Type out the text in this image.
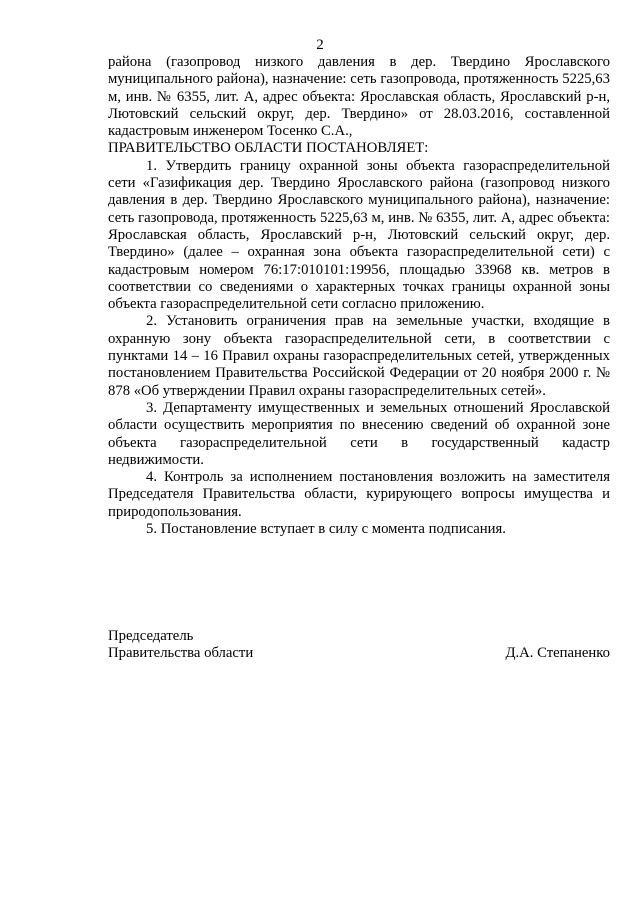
2

района (газопровод низкого давления в дер. Твердино Ярославского муниципального района), назначение: сеть газопровода, протяженность 5225,63 м, инв. № 6355, лит. А, адрес объекта: Ярославская область, Ярославский р-н, Лютовский сельский округ, дер. Твердино» от 28.03.2016, составленной кадастровым инженером Тосенко С.А.,

ПРАВИТЕЛЬСТВО ОБЛАСТИ ПОСТАНОВЛЯЕТ:

1. Утвердить границу охранной зоны объекта газораспределительной сети «Газификация дер. Твердино Ярославского района (газопровод низкого давления в дер. Твердино Ярославского муниципального района), назначение: сеть газопровода, протяженность 5225,63 м, инв. № 6355, лит. А, адрес объекта: Ярославская область, Ярославский р-н, Лютовский сельский округ, дер. Твердино» (далее – охранная зона объекта газораспределительной сети) с кадастровым номером 76:17:010101:19956, площадью 33968 кв. метров в соответствии со сведениями о характерных точках границы охранной зоны объекта газораспределительной сети согласно приложению.

2. Установить ограничения прав на земельные участки, входящие в охранную зону объекта газораспределительной сети, в соответствии с пунктами 14 – 16 Правил охраны газораспределительных сетей, утвержденных постановлением Правительства Российской Федерации от 20 ноября 2000 г. № 878 «Об утверждении Правил охраны газораспределительных сетей».

3. Департаменту имущественных и земельных отношений Ярославской области осуществить мероприятия по внесению сведений об охранной зоне объекта газораспределительной сети в государственный кадастр недвижимости.

4. Контроль за исполнением постановления возложить на заместителя Председателя Правительства области, курирующего вопросы имущества и природопользования.

5. Постановление вступает в силу с момента подписания.

Председатель
Правительства области	Д.А. Степаненко
